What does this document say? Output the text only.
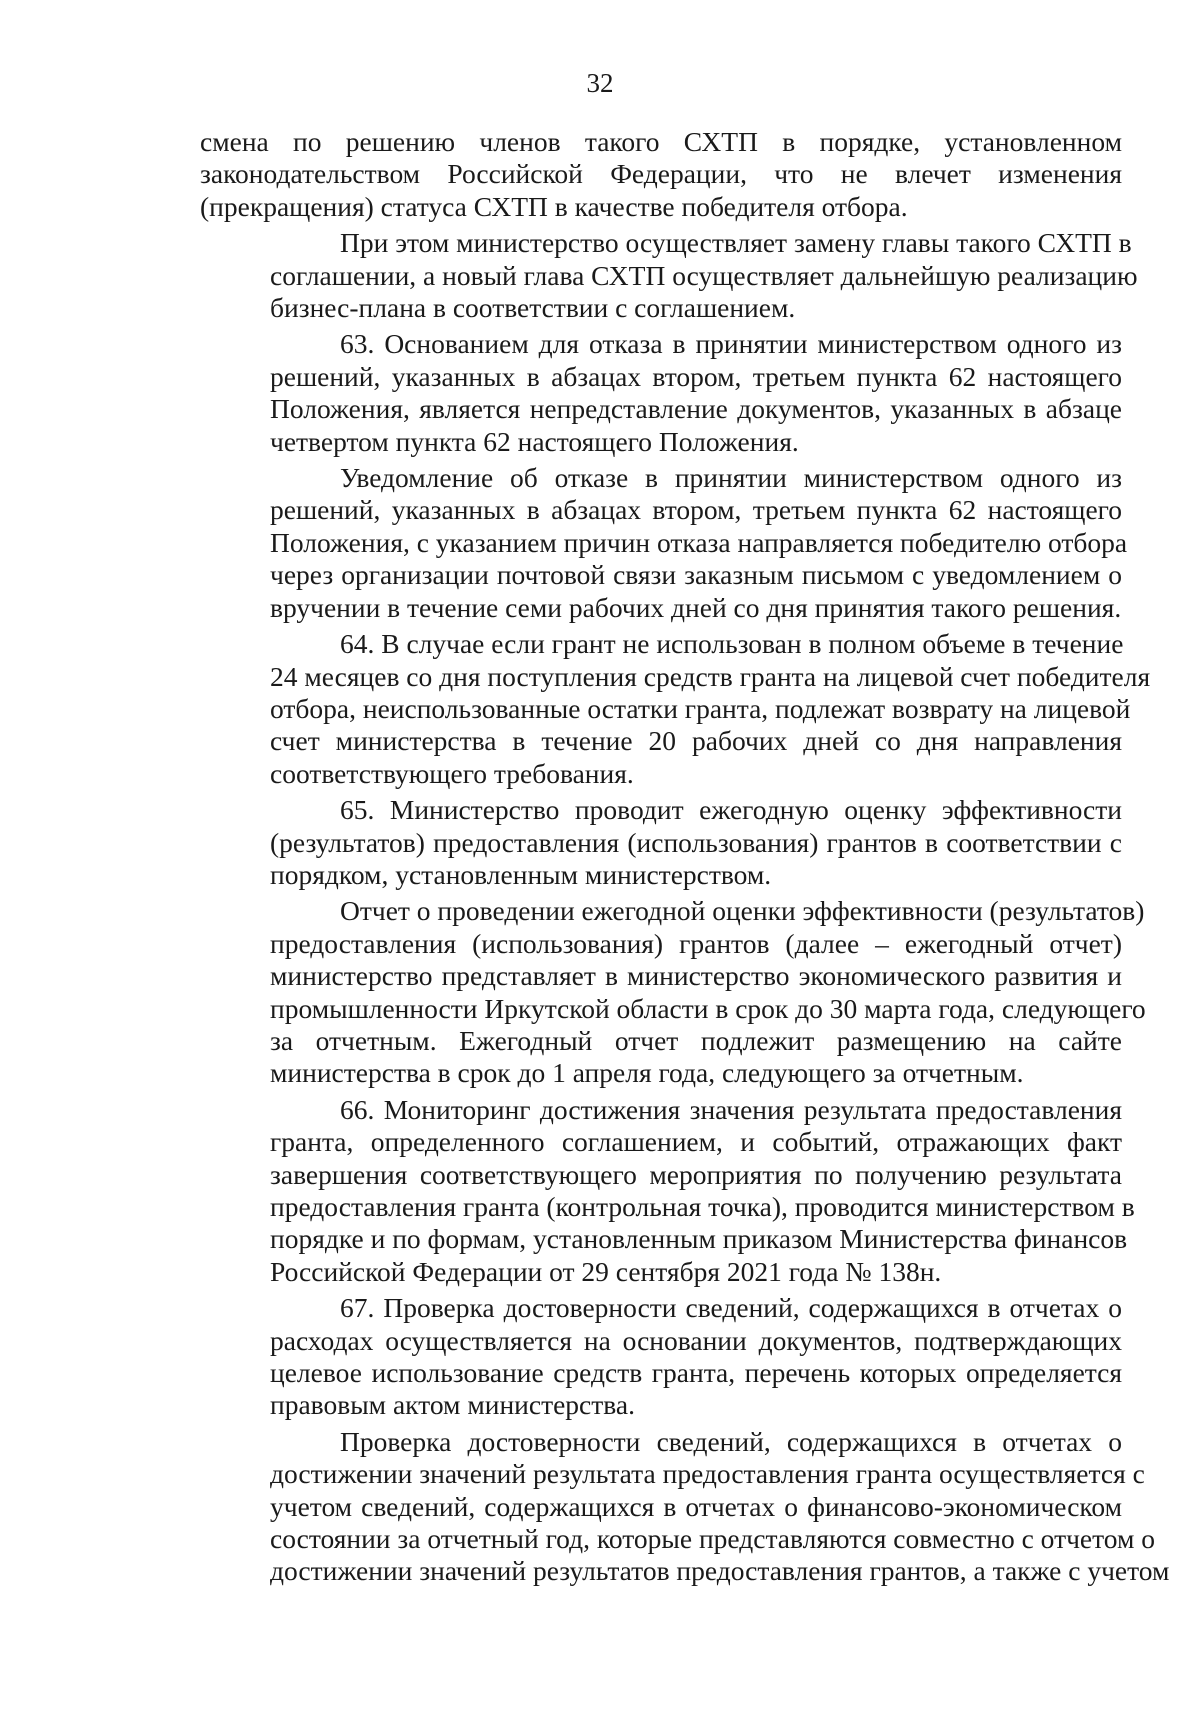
32
смена по решению членов такого СХТП в порядке, установленном
законодательством Российской Федерации, что не влечет изменения
(прекращения) статуса СХТП в качестве победителя отбора.
При этом министерство осуществляет замену главы такого СХТП в
соглашении, а новый глава СХТП осуществляет дальнейшую реализацию
бизнес-плана в соответствии с соглашением.
63. Основанием для отказа в принятии министерством одного из
решений, указанных в абзацах втором, третьем пункта 62 настоящего
Положения, является непредставление документов, указанных в абзаце
четвертом пункта 62 настоящего Положения.
Уведомление об отказе в принятии министерством одного из
решений, указанных в абзацах втором, третьем пункта 62 настоящего
Положения, с указанием причин отказа направляется победителю отбора
через организации почтовой связи заказным письмом с уведомлением о
вручении в течение семи рабочих дней со дня принятия такого решения.
64. В случае если грант не использован в полном объеме в течение
24 месяцев со дня поступления средств гранта на лицевой счет победителя
отбора, неиспользованные остатки гранта, подлежат возврату на лицевой
счет министерства в течение 20 рабочих дней со дня направления
соответствующего требования.
65. Министерство проводит ежегодную оценку эффективности
(результатов) предоставления (использования) грантов в соответствии с
порядком, установленным министерством.
Отчет о проведении ежегодной оценки эффективности (результатов)
предоставления (использования) грантов (далее – ежегодный отчет)
министерство представляет в министерство экономического развития и
промышленности Иркутской области в срок до 30 марта года, следующего
за отчетным. Ежегодный отчет подлежит размещению на сайте
министерства в срок до 1 апреля года, следующего за отчетным.
66. Мониторинг достижения значения результата предоставления
гранта, определенного соглашением, и событий, отражающих факт
завершения соответствующего мероприятия по получению результата
предоставления гранта (контрольная точка), проводится министерством в
порядке и по формам, установленным приказом Министерства финансов
Российской Федерации от 29 сентября 2021 года № 138н.
67. Проверка достоверности сведений, содержащихся в отчетах о
расходах осуществляется на основании документов, подтверждающих
целевое использование средств гранта, перечень которых определяется
правовым актом министерства.
Проверка достоверности сведений, содержащихся в отчетах о
достижении значений результата предоставления гранта осуществляется с
учетом сведений, содержащихся в отчетах о финансово-экономическом
состоянии за отчетный год, которые представляются совместно с отчетом о
достижении значений результатов предоставления грантов, а также с учетом
